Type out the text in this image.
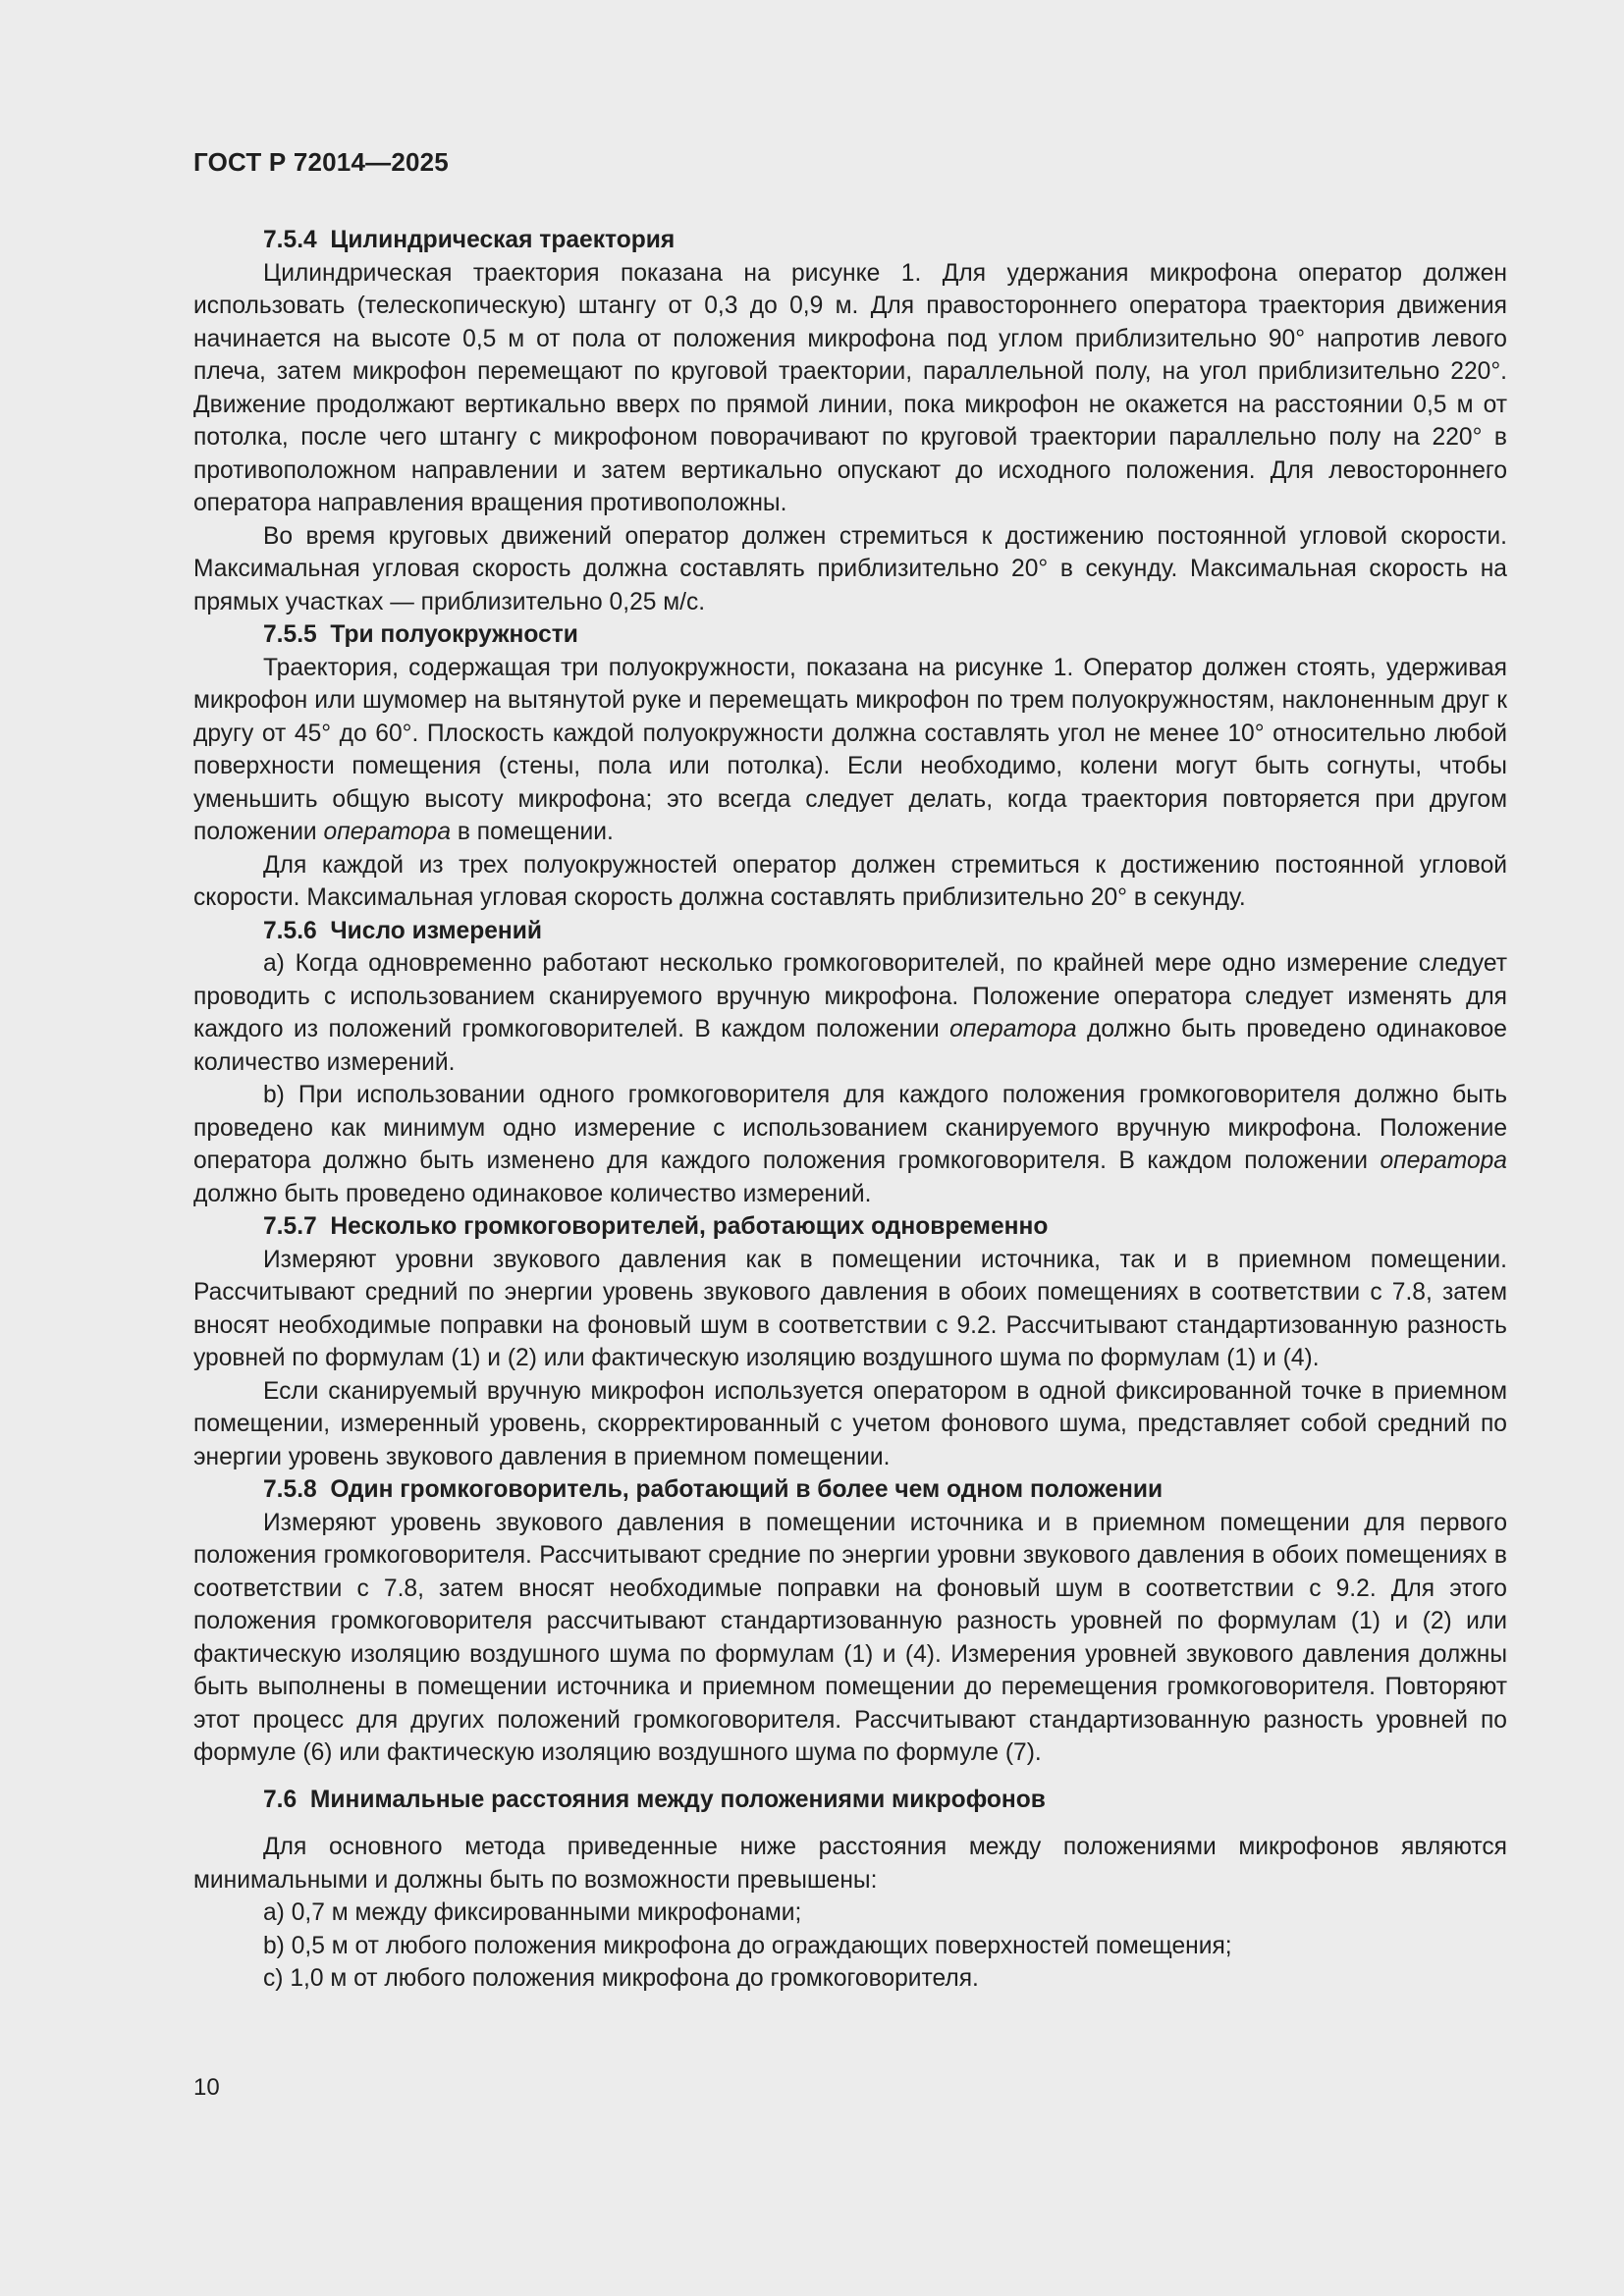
ГОСТ Р 72014—2025
7.5.4 Цилиндрическая траектория

Цилиндрическая траектория показана на рисунке 1. Для удержания микрофона оператор должен использовать (телескопическую) штангу от 0,3 до 0,9 м. Для правостороннего оператора траектория движения начинается на высоте 0,5 м от пола от положения микрофона под углом приблизительно 90° напротив левого плеча, затем микрофон перемещают по круговой траектории, параллельной полу, на угол приблизительно 220°. Движение продолжают вертикально вверх по прямой линии, пока микрофон не окажется на расстоянии 0,5 м от потолка, после чего штангу с микрофоном поворачивают по круговой траектории параллельно полу на 220° в противоположном направлении и затем вертикально опускают до исходного положения. Для левостороннего оператора направления вращения противоположны.

Во время круговых движений оператор должен стремиться к достижению постоянной угловой скорости. Максимальная угловая скорость должна составлять приблизительно 20° в секунду. Максимальная скорость на прямых участках — приблизительно 0,25 м/с.

7.5.5 Три полуокружности

Траектория, содержащая три полуокружности, показана на рисунке 1. Оператор должен стоять, удерживая микрофон или шумомер на вытянутой руке и перемещать микрофон по трем полуокружностям, наклоненным друг к другу от 45° до 60°. Плоскость каждой полуокружности должна составлять угол не менее 10° относительно любой поверхности помещения (стены, пола или потолка). Если необходимо, колени могут быть согнуты, чтобы уменьшить общую высоту микрофона; это всегда следует делать, когда траектория повторяется при другом положении оператора в помещении.

Для каждой из трех полуокружностей оператор должен стремиться к достижению постоянной угловой скорости. Максимальная угловая скорость должна составлять приблизительно 20° в секунду.

7.5.6 Число измерений

a) Когда одновременно работают несколько громкоговорителей, по крайней мере одно измерение следует проводить с использованием сканируемого вручную микрофона. Положение оператора следует изменять для каждого из положений громкоговорителей. В каждом положении оператора должно быть проведено одинаковое количество измерений.

b) При использовании одного громкоговорителя для каждого положения громкоговорителя должно быть проведено как минимум одно измерение с использованием сканируемого вручную микрофона. Положение оператора должно быть изменено для каждого положения громкоговорителя. В каждом положении оператора должно быть проведено одинаковое количество измерений.

7.5.7 Несколько громкоговорителей, работающих одновременно

Измеряют уровни звукового давления как в помещении источника, так и в приемном помещении. Рассчитывают средний по энергии уровень звукового давления в обоих помещениях в соответствии с 7.8, затем вносят необходимые поправки на фоновый шум в соответствии с 9.2. Рассчитывают стандартизованную разность уровней по формулам (1) и (2) или фактическую изоляцию воздушного шума по формулам (1) и (4).

Если сканируемый вручную микрофон используется оператором в одной фиксированной точке в приемном помещении, измеренный уровень, скорректированный с учетом фонового шума, представляет собой средний по энергии уровень звукового давления в приемном помещении.

7.5.8 Один громкоговоритель, работающий в более чем одном положении

Измеряют уровень звукового давления в помещении источника и в приемном помещении для первого положения громкоговорителя. Рассчитывают средние по энергии уровни звукового давления в обоих помещениях в соответствии с 7.8, затем вносят необходимые поправки на фоновый шум в соответствии с 9.2. Для этого положения громкоговорителя рассчитывают стандартизованную разность уровней по формулам (1) и (2) или фактическую изоляцию воздушного шума по формулам (1) и (4). Измерения уровней звукового давления должны быть выполнены в помещении источника и приемном помещении до перемещения громкоговорителя. Повторяют этот процесс для других положений громкоговорителя. Рассчитывают стандартизованную разность уровней по формуле (6) или фактическую изоляцию воздушного шума по формуле (7).

7.6 Минимальные расстояния между положениями микрофонов

Для основного метода приведенные ниже расстояния между положениями микрофонов являются минимальными и должны быть по возможности превышены:

a) 0,7 м между фиксированными микрофонами;
b) 0,5 м от любого положения микрофона до ограждающих поверхностей помещения;
c) 1,0 м от любого положения микрофона до громкоговорителя.
10
